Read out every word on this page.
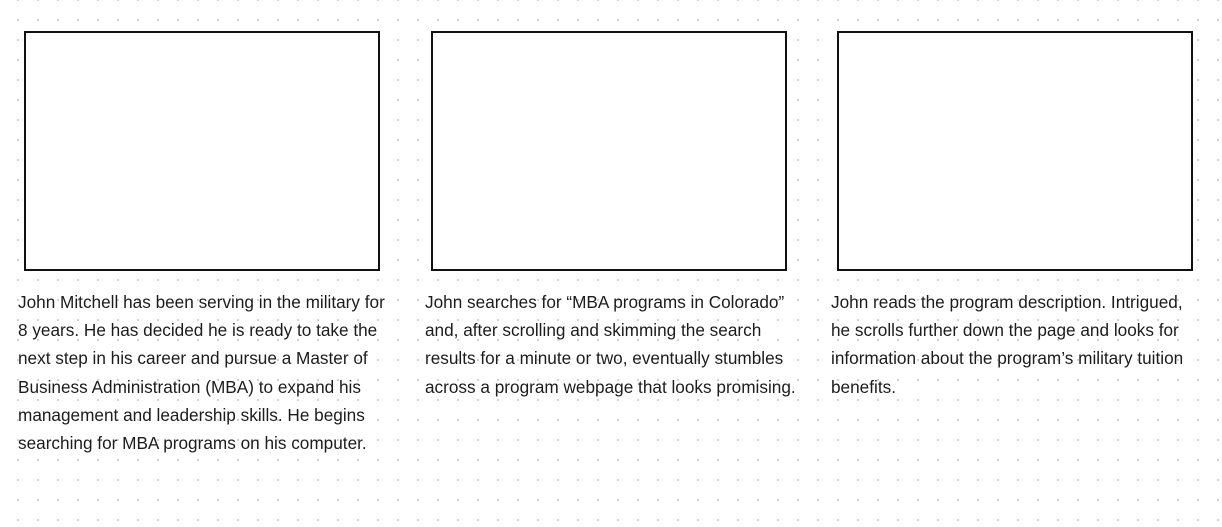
John Mitchell has been serving in the military for 8 years. He has decided he is ready to take the next step in his career and pursue a Master of Business Administration (MBA) to expand his management and leadership skills. He begins searching for MBA programs on his computer.

John searches for “MBA programs in Colorado” and, after scrolling and skimming the search results for a minute or two, eventually stumbles across a program webpage that looks promising.

John reads the program description. Intrigued, he scrolls further down the page and looks for information about the program’s military tuition benefits.
